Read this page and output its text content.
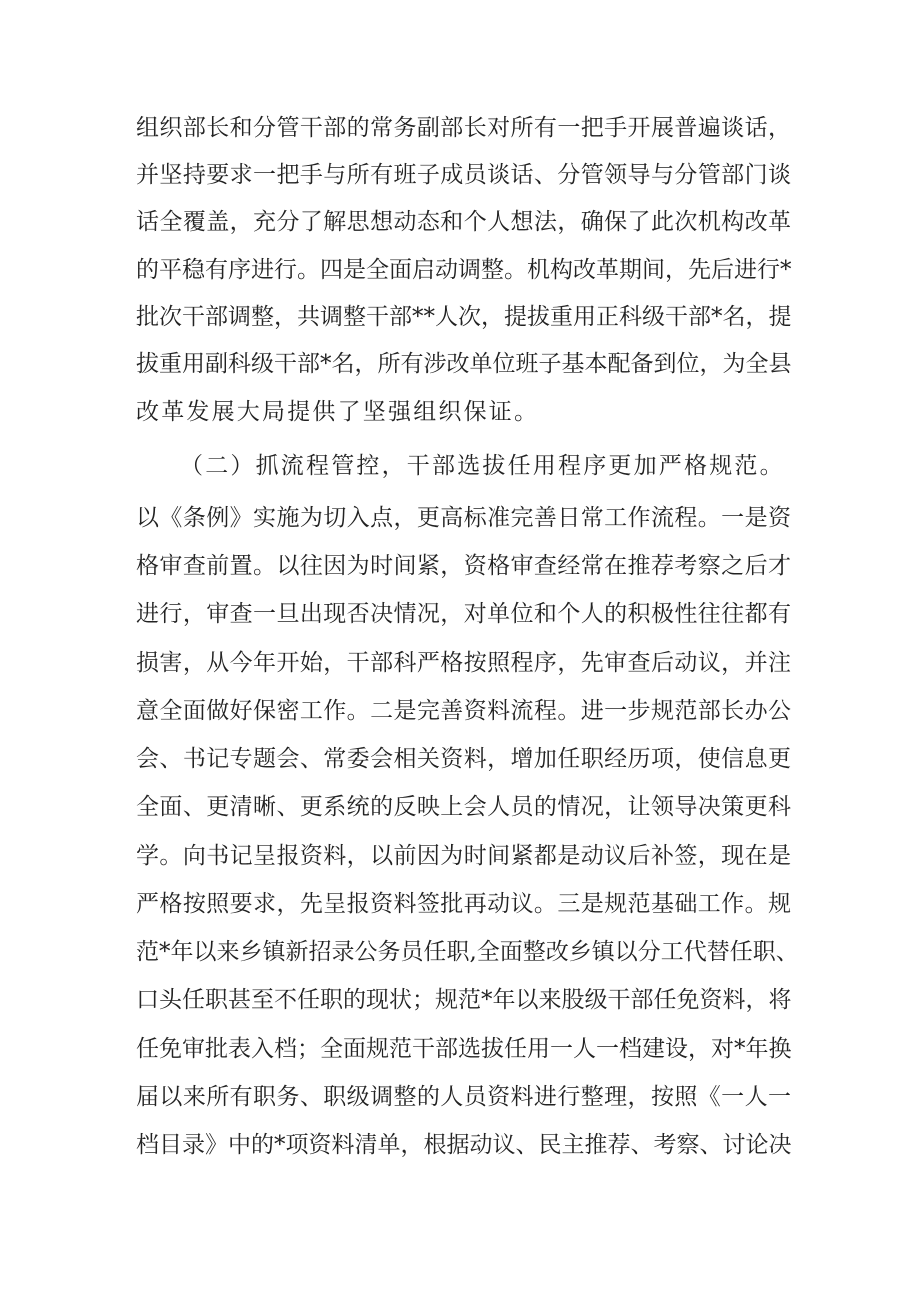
组织部长和分管干部的常务副部长对所有一把手开展普遍谈话，
并坚持要求一把手与所有班子成员谈话、分管领导与分管部门谈
话全覆盖，充分了解思想动态和个人想法，确保了此次机构改革
的平稳有序进行。四是全面启动调整。机构改革期间，先后进行*
批次干部调整，共调整干部**人次，提拔重用正科级干部*名，提
拔重用副科级干部*名，所有涉改单位班子基本配备到位，为全县
改革发展大局提供了坚强组织保证。
（二）抓流程管控，干部选拔任用程序更加严格规范。
以《条例》实施为切入点，更高标准完善日常工作流程。一是资
格审查前置。以往因为时间紧，资格审查经常在推荐考察之后才
进行，审查一旦出现否决情况，对单位和个人的积极性往往都有
损害，从今年开始，干部科严格按照程序，先审查后动议，并注
意全面做好保密工作。二是完善资料流程。进一步规范部长办公
会、书记专题会、常委会相关资料，增加任职经历项，使信息更
全面、更清晰、更系统的反映上会人员的情况，让领导决策更科
学。向书记呈报资料，以前因为时间紧都是动议后补签，现在是
严格按照要求，先呈报资料签批再动议。三是规范基础工作。规
范*年以来乡镇新招录公务员任职,全面整改乡镇以分工代替任职、
口头任职甚至不任职的现状；规范*年以来股级干部任免资料，将
任免审批表入档；全面规范干部选拔任用一人一档建设，对*年换
届以来所有职务、职级调整的人员资料进行整理，按照《一人一
档目录》中的*项资料清单，根据动议、民主推荐、考察、讨论决
